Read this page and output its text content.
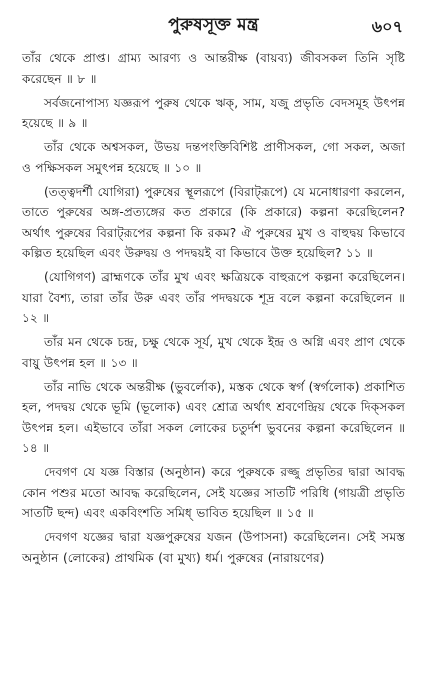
পুরুষসূক্ত মন্ত্র	৬০৭

তাঁর থেকে প্রাপ্ত। গ্রাম্য আরণ্য ও আন্তরীক্ষ (বায়ব্য) জীবসকল তিনি সৃষ্টি করেছেন ॥ ৮ ॥

সর্বজনোপাস্য যজ্ঞরূপ পুরুষ থেকে ঋক্, সাম, যজু প্রভৃতি বেদসমূহ উৎপন্ন হয়েছে ॥ ৯ ॥

তাঁর থেকে অশ্বসকল, উভয় দন্তপংক্তিবিশিষ্ট প্রাণীসকল, গো সকল, অজা ও পক্ষিসকল সমুৎপন্ন হয়েছে ॥ ১০ ॥

(তত্ত্বদর্শী যোগিরা) পুরুষের স্থূলরূপে (বিরাট্‌রূপে) যে মনোধারণা করলেন, তাতে পুরুষের অঙ্গ-প্রত্যঙ্গের কত প্রকারে (কি প্রকারে) কল্পনা করেছিলেন? অর্থাৎ পুরুষের বিরাট্‌রূপের কল্পনা কি রকম? ঐ পুরুষের মুখ ও বাহুদ্বয় কিভাবে কল্পিত হয়েছিল এবং উরুদ্বয় ও পদদ্বয়ই বা কিভাবে উক্ত হয়েছিল? ১১ ॥

(যোগিগণ) ব্রাহ্মণকে তাঁর মুখ এবং ক্ষত্রিয়কে বাহুরূপে কল্পনা করেছিলেন। যারা বৈশ্য, তারা তাঁর উরু এবং তাঁর পদদ্বয়কে শূদ্র বলে কল্পনা করেছিলেন ॥ ১২ ॥

তাঁর মন থেকে চন্দ্র, চক্ষু থেকে সূর্য, মুখ থেকে ইন্দ্র ও অগ্নি এবং প্রাণ থেকে বায়ু উৎপন্ন হল ॥ ১৩ ॥

তাঁর নাভি থেকে অন্তরীক্ষ (ভুবর্লোক), মস্তক থেকে স্বর্গ (স্বর্গলোক) প্রকাশিত হল, পদদ্বয় থেকে ভূমি (ভূলোক) এবং শ্রোত্র অর্থাৎ শ্রবণেন্দ্রিয় থেকে দিক্‌সকল উৎপন্ন হল। এইভাবে তাঁরা সকল লোকের চতুর্দশ ভুবনের কল্পনা করেছিলেন ॥ ১৪ ॥

দেবগণ যে যজ্ঞ বিস্তার (অনুষ্ঠান) করে পুরুষকে রজ্জু প্রভৃতির দ্বারা আবদ্ধ কোন পশুর মতো আবদ্ধ করেছিলেন, সেই যজ্ঞের সাতটি পরিধি (গায়ত্রী প্রভৃতি সাতটি ছন্দ) এবং একবিংশতি সমিধ্ ভাবিত হয়েছিল ॥ ১৫ ॥

দেবগণ যজ্ঞের দ্বারা যজ্ঞপুরুষের যজন (উপাসনা) করেছিলেন। সেই সমস্ত অনুষ্ঠান (লোকের) প্রাথমিক (বা মুখ্য) ধর্ম। পুরুষের (নারায়ণের)
